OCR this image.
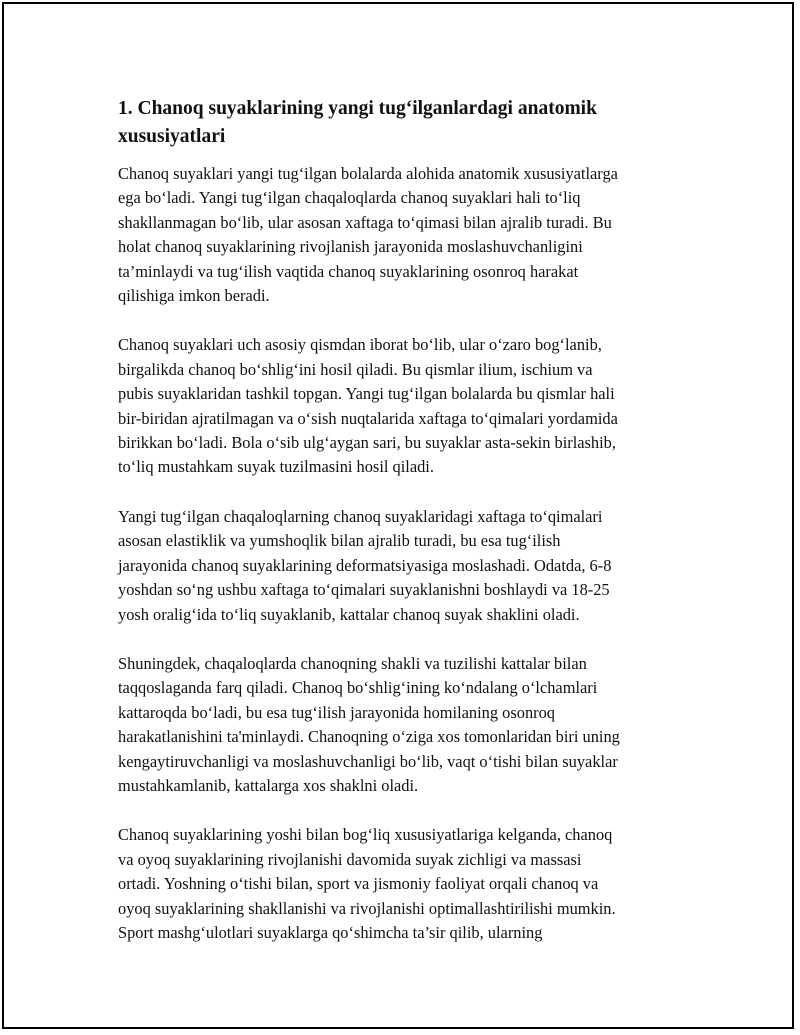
1. Chanoq suyaklarining yangi tug‘ilganlardagi anatomik
xususiyatlari

Chanoq suyaklari yangi tug‘ilgan bolalarda alohida anatomik xususiyatlarga
ega bo‘ladi. Yangi tug‘ilgan chaqaloqlarda chanoq suyaklari hali to‘liq
shakllanmagan bo‘lib, ular asosan xaftaga to‘qimasi bilan ajralib turadi. Bu
holat chanoq suyaklarining rivojlanish jarayonida moslashuvchanligini
ta’minlaydi va tug‘ilish vaqtida chanoq suyaklarining osonroq harakat
qilishiga imkon beradi.

Chanoq suyaklari uch asosiy qismdan iborat bo‘lib, ular o‘zaro bog‘lanib,
birgalikda chanoq bo‘shlig‘ini hosil qiladi. Bu qismlar ilium, ischium va
pubis suyaklaridan tashkil topgan. Yangi tug‘ilgan bolalarda bu qismlar hali
bir-biridan ajratilmagan va o‘sish nuqtalarida xaftaga to‘qimalari yordamida
birikkan bo‘ladi. Bola o‘sib ulg‘aygan sari, bu suyaklar asta-sekin birlashib,
to‘liq mustahkam suyak tuzilmasini hosil qiladi.

Yangi tug‘ilgan chaqaloqlarning chanoq suyaklaridagi xaftaga to‘qimalari
asosan elastiklik va yumshoqlik bilan ajralib turadi, bu esa tug‘ilish
jarayonida chanoq suyaklarining deformatsiyasiga moslashadi. Odatda, 6-8
yoshdan so‘ng ushbu xaftaga to‘qimalari suyaklanishni boshlaydi va 18-25
yosh oralig‘ida to‘liq suyaklanib, kattalar chanoq suyak shaklini oladi.

Shuningdek, chaqaloqlarda chanoqning shakli va tuzilishi kattalar bilan
taqqoslaganda farq qiladi. Chanoq bo‘shlig‘ining ko‘ndalang o‘lchamlari
kattaroqda bo‘ladi, bu esa tug‘ilish jarayonida homilaning osonroq
harakatlanishini ta'minlaydi. Chanoqning o‘ziga xos tomonlaridan biri uning
kengaytiruvchanligi va moslashuvchanligi bo‘lib, vaqt o‘tishi bilan suyaklar
mustahkamlanib, kattalarga xos shaklni oladi.

Chanoq suyaklarining yoshi bilan bog‘liq xususiyatlariga kelganda, chanoq
va oyoq suyaklarining rivojlanishi davomida suyak zichligi va massasi
ortadi. Yoshning o‘tishi bilan, sport va jismoniy faoliyat orqali chanoq va
oyoq suyaklarining shakllanishi va rivojlanishi optimallashtirilishi mumkin.
Sport mashg‘ulotlari suyaklarga qo‘shimcha ta’sir qilib, ularning
